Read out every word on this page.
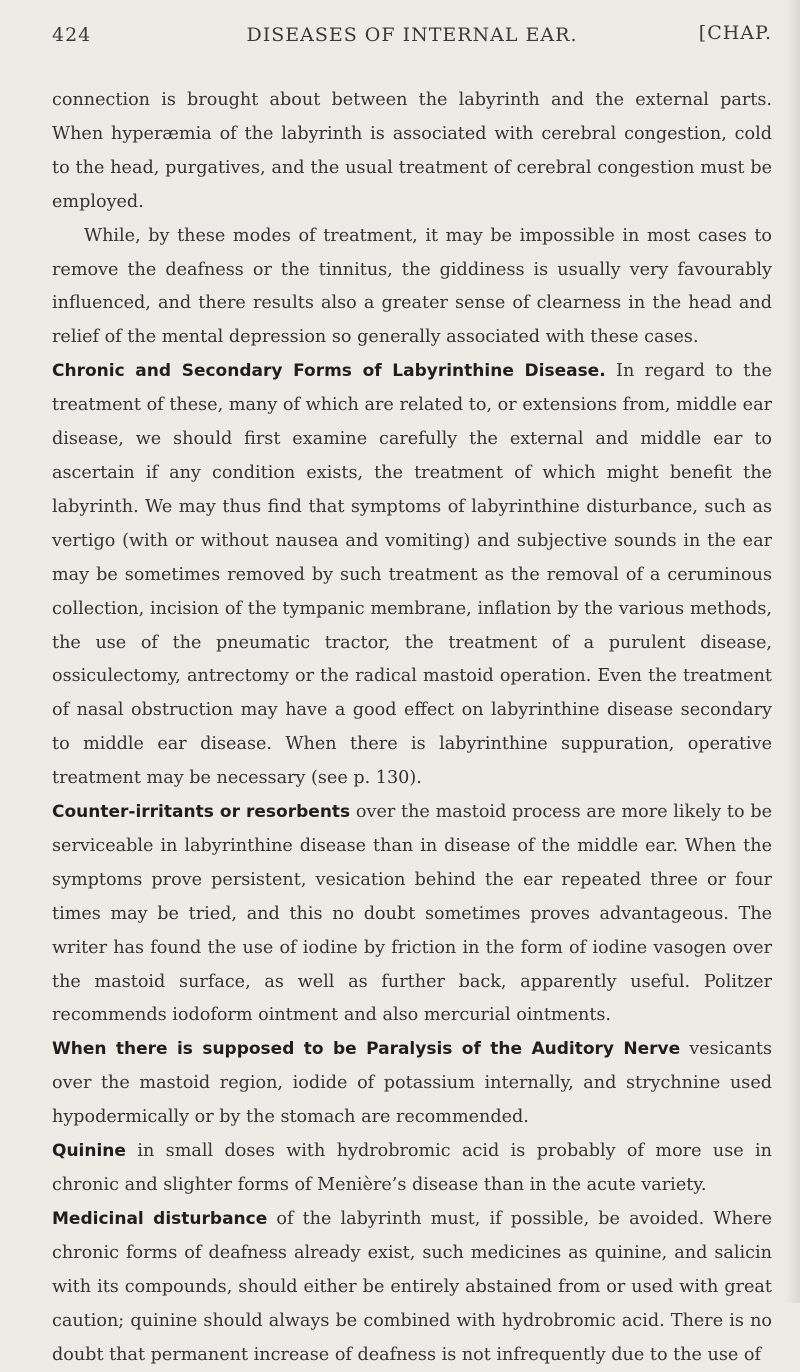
424	DISEASES OF INTERNAL EAR.	[CHAP.

connection is brought about between the labyrinth and the external parts. When hyperæmia of the labyrinth is associated with cerebral congestion, cold to the head, purgatives, and the usual treatment of cerebral congestion must be employed.

While, by these modes of treatment, it may be impossible in most cases to remove the deafness or the tinnitus, the giddiness is usually very favourably influenced, and there results also a greater sense of clearness in the head and relief of the mental depression so generally associated with these cases.

Chronic and Secondary Forms of Labyrinthine Disease. In regard to the treatment of these, many of which are related to, or extensions from, middle ear disease, we should first examine carefully the external and middle ear to ascertain if any condition exists, the treatment of which might benefit the labyrinth. We may thus find that symptoms of labyrinthine disturbance, such as vertigo (with or without nausea and vomiting) and subjective sounds in the ear may be sometimes removed by such treatment as the removal of a ceruminous collection, incision of the tympanic membrane, inflation by the various methods, the use of the pneumatic tractor, the treatment of a purulent disease, ossiculectomy, antrectomy or the radical mastoid operation. Even the treatment of nasal obstruction may have a good effect on labyrinthine disease secondary to middle ear disease. When there is labyrinthine suppuration, operative treatment may be necessary (see p. 130).

Counter-irritants or resorbents over the mastoid process are more likely to be serviceable in labyrinthine disease than in disease of the middle ear. When the symptoms prove persistent, vesication behind the ear repeated three or four times may be tried, and this no doubt sometimes proves advantageous. The writer has found the use of iodine by friction in the form of iodine vasogen over the mastoid surface, as well as further back, apparently useful. Politzer recommends iodoform ointment and also mercurial ointments.

When there is supposed to be Paralysis of the Auditory Nerve vesicants over the mastoid region, iodide of potassium internally, and strychnine used hypodermically or by the stomach are recommended.

Quinine in small doses with hydrobromic acid is probably of more use in chronic and slighter forms of Menière’s disease than in the acute variety.

Medicinal disturbance of the labyrinth must, if possible, be avoided. Where chronic forms of deafness already exist, such medicines as quinine, and salicin with its compounds, should either be entirely abstained from or used with great caution; quinine should always be combined with hydrobromic acid. There is no doubt that permanent increase of deafness is not infrequently due to the use of
